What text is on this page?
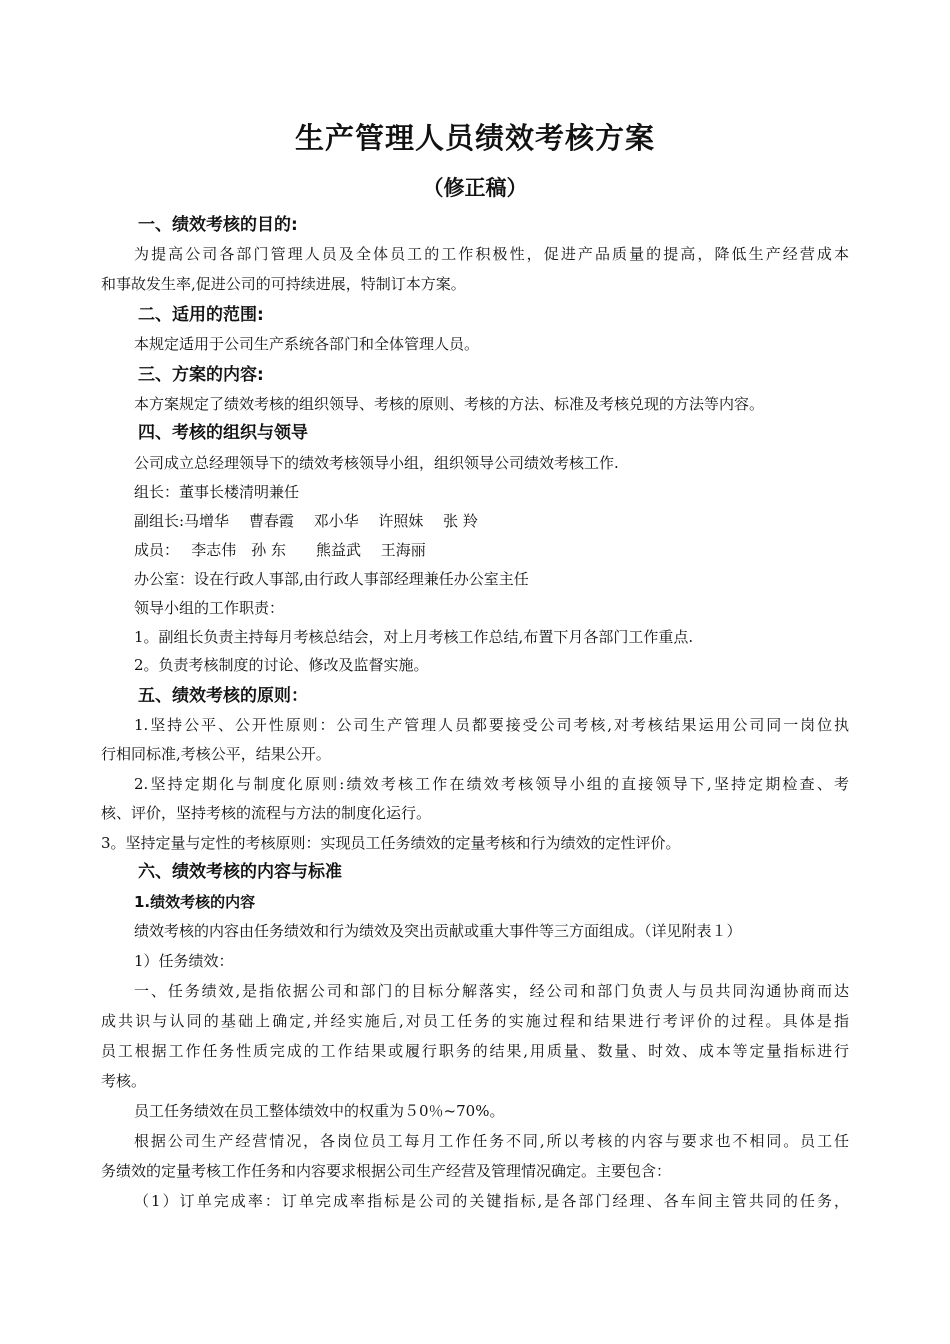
生产管理人员绩效考核方案
（修正稿）
一、绩效考核的目的:
为提高公司各部门管理人员及全体员工的工作积极性，促进产品质量的提高，降低生产经营成本
和事故发生率,促进公司的可持续进展，特制订本方案。
二、适用的范围:
本规定适用于公司生产系统各部门和全体管理人员。
三、方案的内容:
本方案规定了绩效考核的组织领导、考核的原则、考核的方法、标准及考核兑现的方法等内容。
四、考核的组织与领导
公司成立总经理领导下的绩效考核领导小组，组织领导公司绩效考核工作.
组长：董事长楼清明兼任
副组长:马增华　 曹春霞　 邓小华　 许照妹　 张 羚
成员：　 李志伟　孙 东　　熊益武　 王海丽
办公室：设在行政人事部,由行政人事部经理兼任办公室主任
领导小组的工作职责：
1。副组长负责主持每月考核总结会，对上月考核工作总结,布置下月各部门工作重点.
2。负责考核制度的讨论、修改及监督实施。
五、绩效考核的原则：
1.坚持公平、公开性原则：公司生产管理人员都要接受公司考核,对考核结果运用公司同一岗位执
行相同标准,考核公平，结果公开。
2.坚持定期化与制度化原则:绩效考核工作在绩效考核领导小组的直接领导下,坚持定期检查、考
核、评价，坚持考核的流程与方法的制度化运行。
3。坚持定量与定性的考核原则：实现员工任务绩效的定量考核和行为绩效的定性评价。
六、绩效考核的内容与标准
1.绩效考核的内容
绩效考核的内容由任务绩效和行为绩效及突出贡献或重大事件等三方面组成。（详见附表１）
1）任务绩效：
一、任务绩效,是指依据公司和部门的目标分解落实，经公司和部门负责人与员共同沟通协商而达
成共识与认同的基础上确定,并经实施后,对员工任务的实施过程和结果进行考评价的过程。具体是指
员工根据工作任务性质完成的工作结果或履行职务的结果,用质量、数量、时效、成本等定量指标进行
考核。
员工任务绩效在员工整体绩效中的权重为５0％~70%。
根据公司生产经营情况，各岗位员工每月工作任务不同,所以考核的内容与要求也不相同。员工任
务绩效的定量考核工作任务和内容要求根据公司生产经营及管理情况确定。主要包含：
（1）订单完成率：订单完成率指标是公司的关键指标,是各部门经理、各车间主管共同的任务，
